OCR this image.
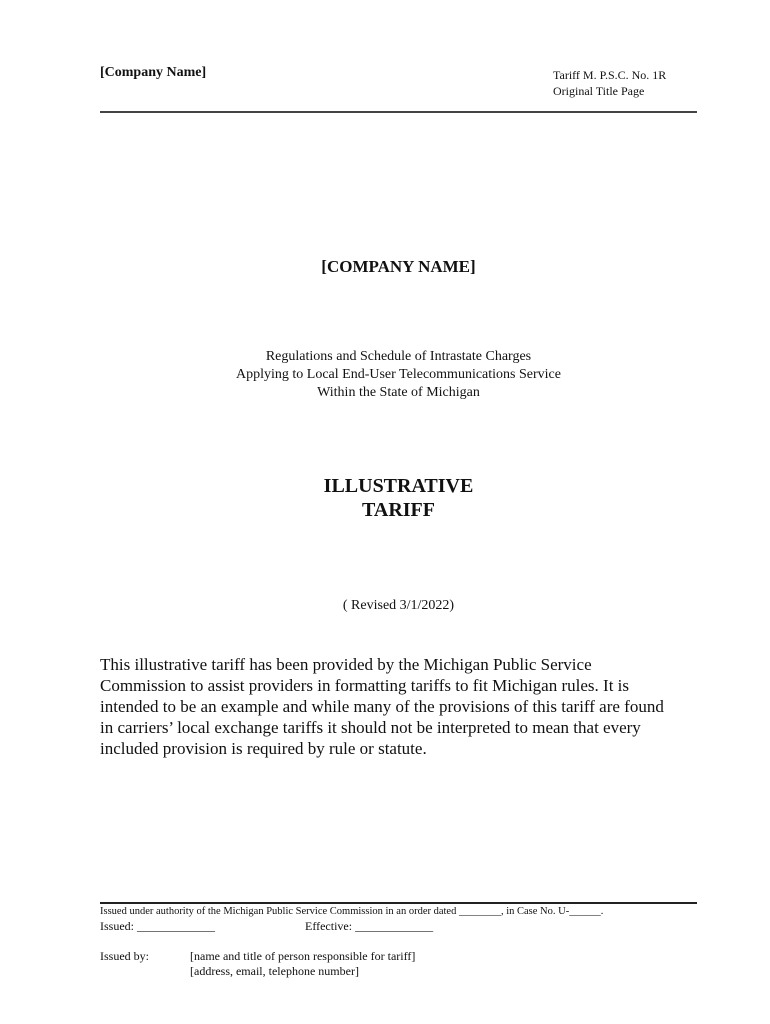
[Company Name]	Tariff M. P.S.C. No. 1R
Original Title Page
[COMPANY NAME]
Regulations and Schedule of Intrastate Charges
Applying to Local End-User Telecommunications Service
Within the State of Michigan
ILLUSTRATIVE
TARIFF
( Revised 3/1/2022)
This illustrative tariff has been provided by the Michigan Public Service
Commission to assist providers in formatting tariffs to fit Michigan rules. It is
intended to be an example and while many of the provisions of this tariff are found
in carriers’ local exchange tariffs it should not be interpreted to mean that every
included provision is required by rule or statute.
Issued under authority of the Michigan Public Service Commission in an order dated ________, in Case No. U-______.
Issued: _____________	Effective: _____________
Issued by:	[name and title of person responsible for tariff]
[address, email, telephone number]
